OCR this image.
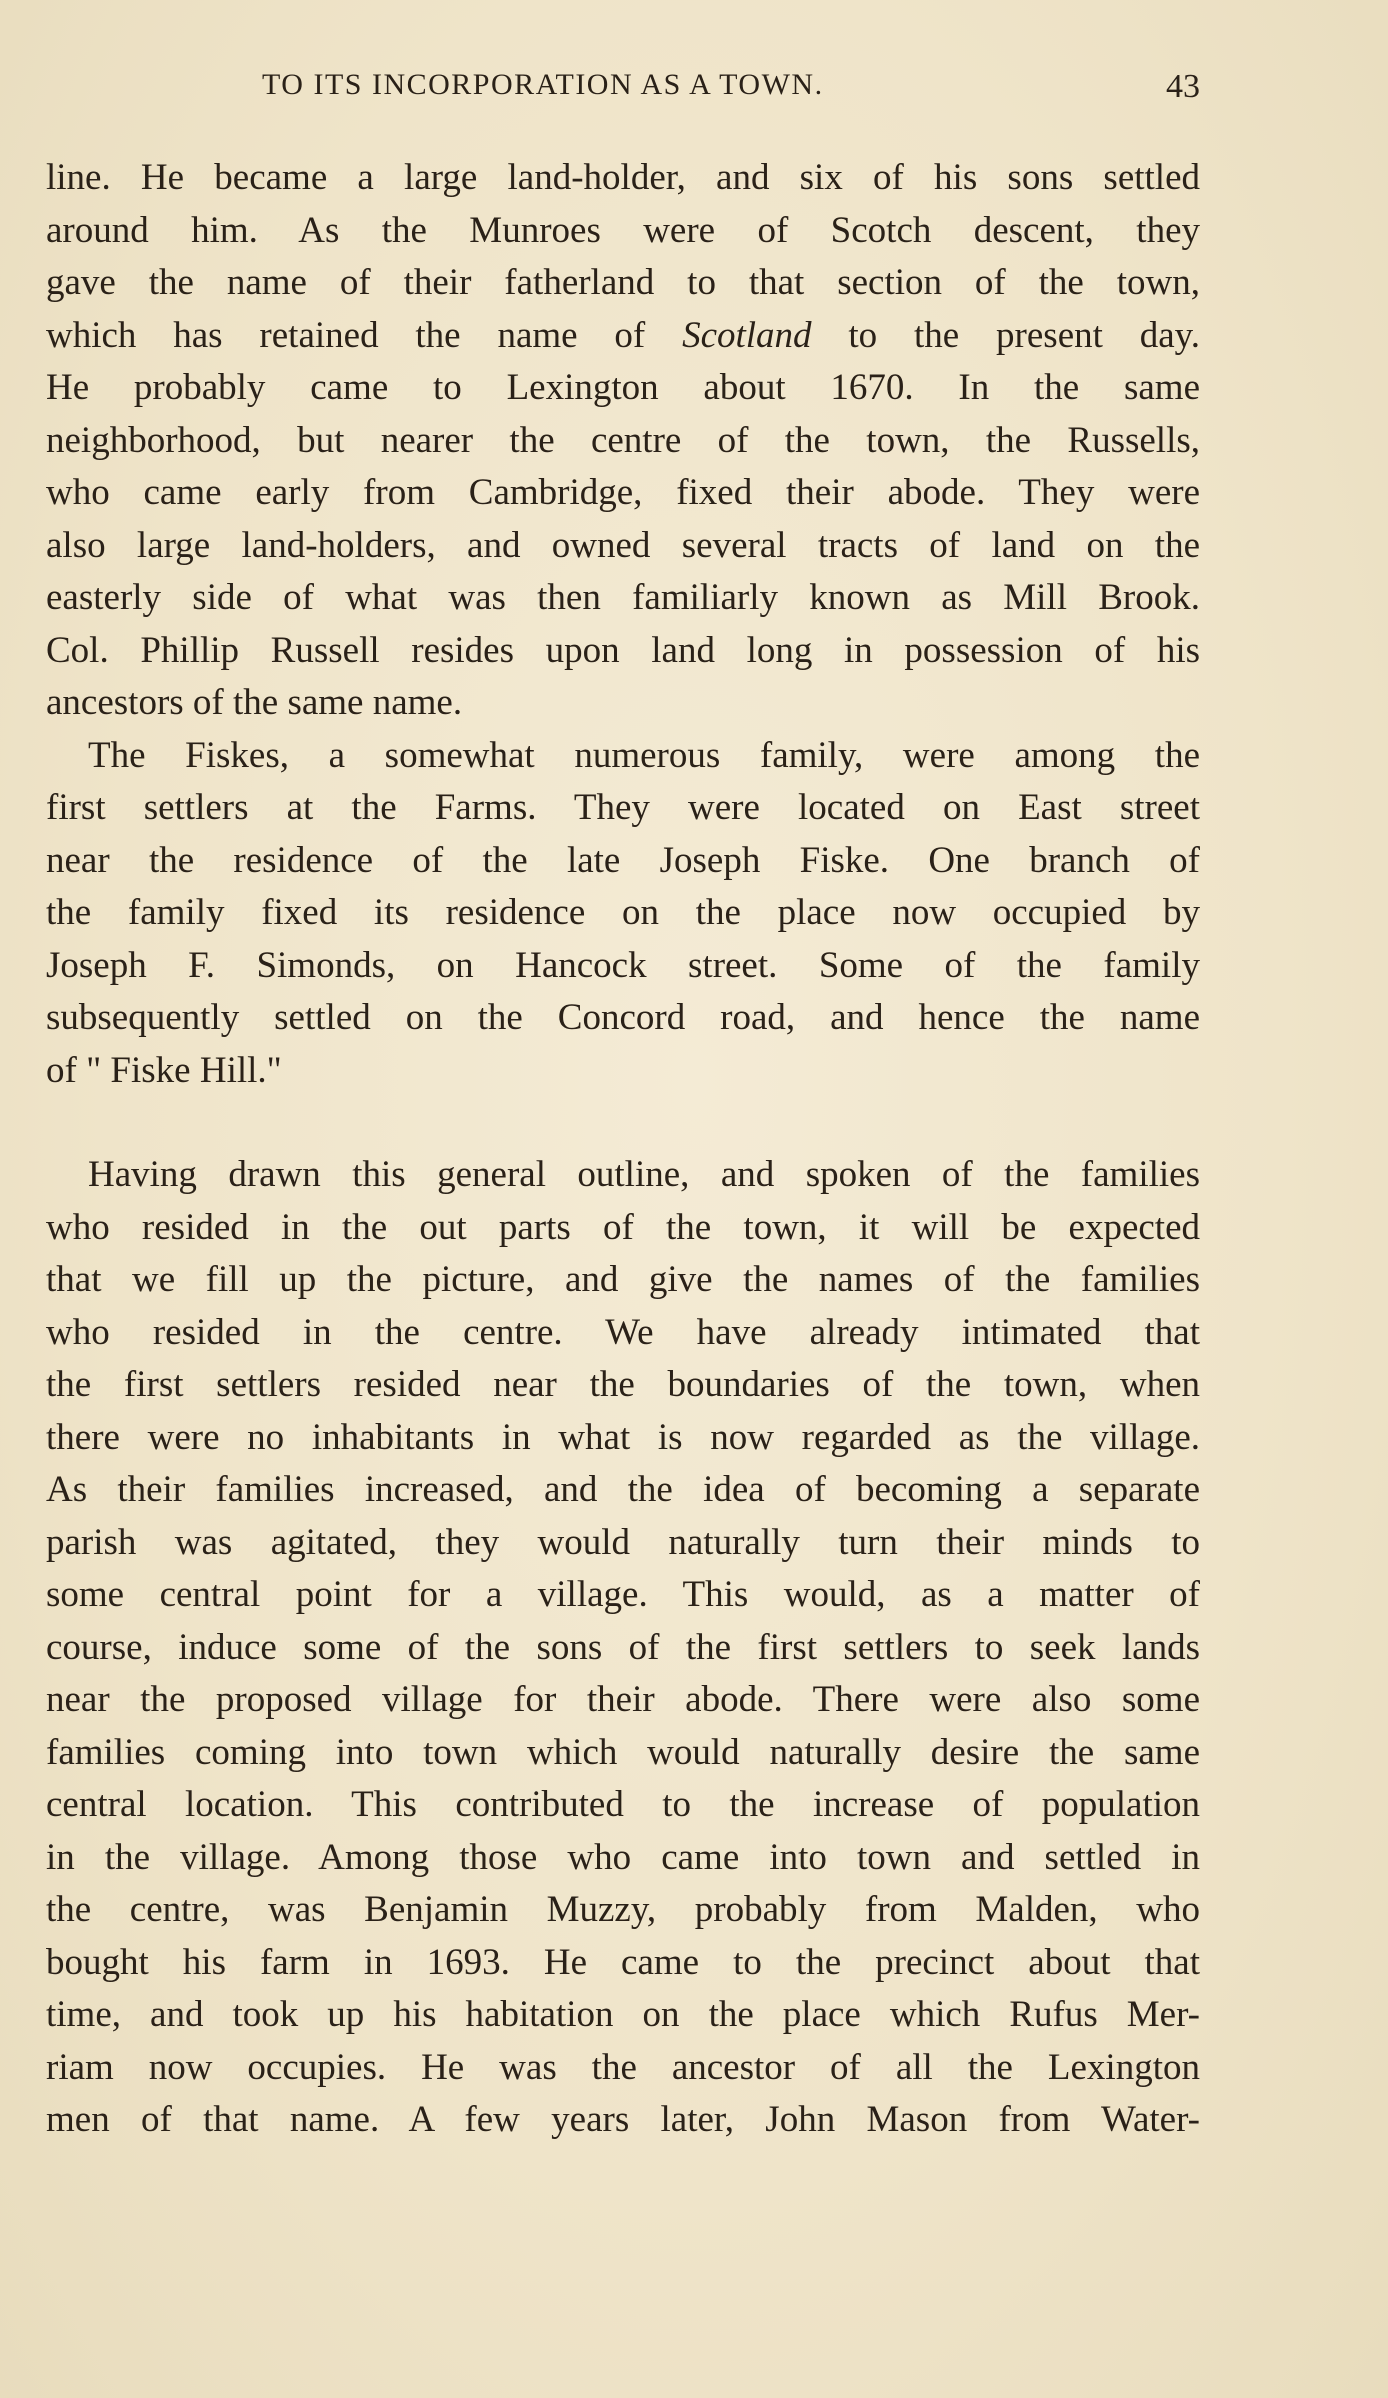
TO ITS INCORPORATION AS A TOWN.	43
line. He became a large land-holder, and six of his sons settled
around him. As the Munroes were of Scotch descent, they
gave the name of their fatherland to that section of the town,
which has retained the name of Scotland to the present day.
He probably came to Lexington about 1670. In the same
neighborhood, but nearer the centre of the town, the Russells,
who came early from Cambridge, fixed their abode. They were
also large land-holders, and owned several tracts of land on the
easterly side of what was then familiarly known as Mill Brook.
Col. Phillip Russell resides upon land long in possession of his
ancestors of the same name.
The Fiskes, a somewhat numerous family, were among the
first settlers at the Farms. They were located on East street
near the residence of the late Joseph Fiske. One branch of
the family fixed its residence on the place now occupied by
Joseph F. Simonds, on Hancock street. Some of the family
subsequently settled on the Concord road, and hence the name
of " Fiske Hill."
Having drawn this general outline, and spoken of the families
who resided in the out parts of the town, it will be expected
that we fill up the picture, and give the names of the families
who resided in the centre. We have already intimated that
the first settlers resided near the boundaries of the town, when
there were no inhabitants in what is now regarded as the village.
As their families increased, and the idea of becoming a separate
parish was agitated, they would naturally turn their minds to
some central point for a village. This would, as a matter of
course, induce some of the sons of the first settlers to seek lands
near the proposed village for their abode. There were also some
families coming into town which would naturally desire the same
central location. This contributed to the increase of population
in the village. Among those who came into town and settled in
the centre, was Benjamin Muzzy, probably from Malden, who
bought his farm in 1693. He came to the precinct about that
time, and took up his habitation on the place which Rufus Mer-
riam now occupies. He was the ancestor of all the Lexington
men of that name. A few years later, John Mason from Water-
